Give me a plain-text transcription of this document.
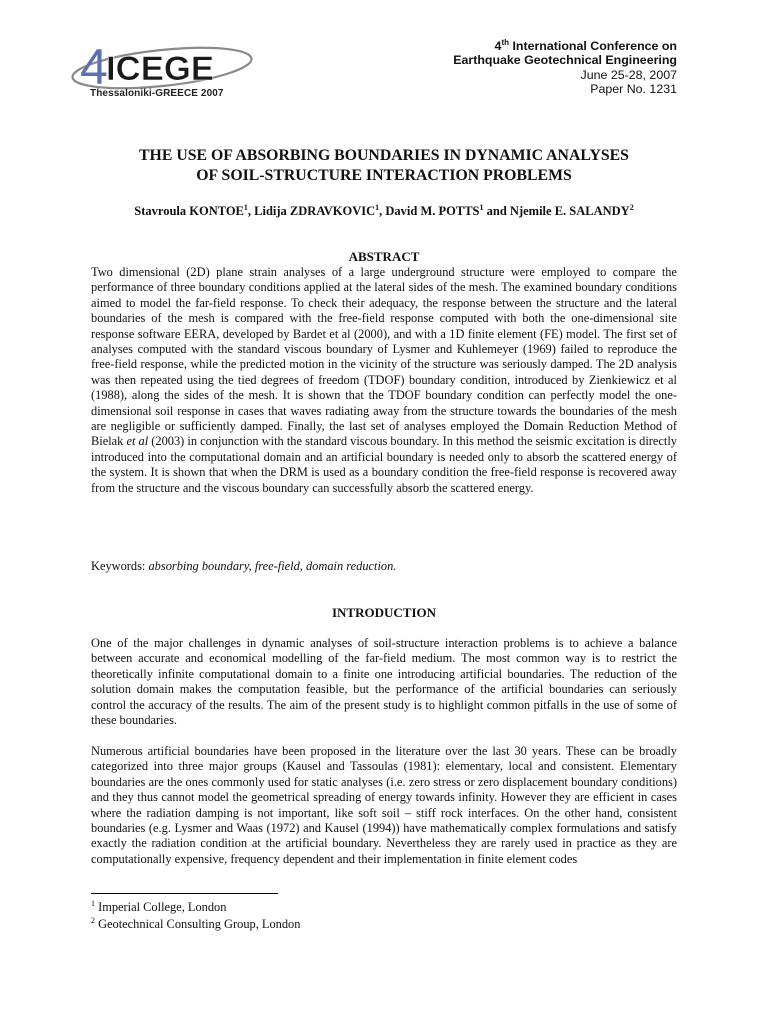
4
ICEGE
Thessaloniki-GREECE 2007
4th International Conference on
Earthquake Geotechnical Engineering
June 25-28, 2007
Paper No. 1231
THE USE OF ABSORBING BOUNDARIES IN DYNAMIC ANALYSES
OF SOIL-STRUCTURE INTERACTION PROBLEMS
Stavroula KONTOE$^1$, Lidija ZDRAVKOVIC$^1$, David M. POTTS$^1$ and Njemile E. SALANDY$^2$
ABSTRACT

Two dimensional (2D) plane strain analyses of a large underground structure were employed to compare the performance of three boundary conditions applied at the lateral sides of the mesh. The examined boundary conditions aimed to model the far-field response. To check their adequacy, the response between the structure and the lateral boundaries of the mesh is compared with the free-field response computed with both the one-dimensional site response software EERA, developed by Bardet et al (2000), and with a 1D finite element (FE) model. The first set of analyses computed with the standard viscous boundary of Lysmer and Kuhlemeyer (1969) failed to reproduce the free-field response, while the predicted motion in the vicinity of the structure was seriously damped. The 2D analysis was then repeated using the tied degrees of freedom (TDOF) boundary condition, introduced by Zienkiewicz et al (1988), along the sides of the mesh. It is shown that the TDOF boundary condition can perfectly model the one-dimensional soil response in cases that waves radiating away from the structure towards the boundaries of the mesh are negligible or sufficiently damped. Finally, the last set of analyses employed the Domain Reduction Method of Bielak et al (2003) in conjunction with the standard viscous boundary. In this method the seismic excitation is directly introduced into the computational domain and an artificial boundary is needed only to absorb the scattered energy of the system. It is shown that when the DRM is used as a boundary condition the free-field response is recovered away from the structure and the viscous boundary can successfully absorb the scattered energy.

Keywords: absorbing boundary, free-field, domain reduction.

INTRODUCTION

One of the major challenges in dynamic analyses of soil-structure interaction problems is to achieve a balance between accurate and economical modelling of the far-field medium. The most common way is to restrict the theoretically infinite computational domain to a finite one introducing artificial boundaries. The reduction of the solution domain makes the computation feasible, but the performance of the artificial boundaries can seriously control the accuracy of the results. The aim of the present study is to highlight common pitfalls in the use of some of these boundaries.

Numerous artificial boundaries have been proposed in the literature over the last 30 years. These can be broadly categorized into three major groups (Kausel and Tassoulas (1981): elementary, local and consistent. Elementary boundaries are the ones commonly used for static analyses (i.e. zero stress or zero displacement boundary conditions) and they thus cannot model the geometrical spreading of energy towards infinity. However they are efficient in cases where the radiation damping is not important, like soft soil – stiff rock interfaces. On the other hand, consistent boundaries (e.g. Lysmer and Waas (1972) and Kausel (1994)) have mathematically complex formulations and satisfy exactly the radiation condition at the artificial boundary. Nevertheless they are rarely used in practice as they are computationally expensive, frequency dependent and their implementation in finite element codes

$^1$ Imperial College, London
$^2$ Geotechnical Consulting Group, London
